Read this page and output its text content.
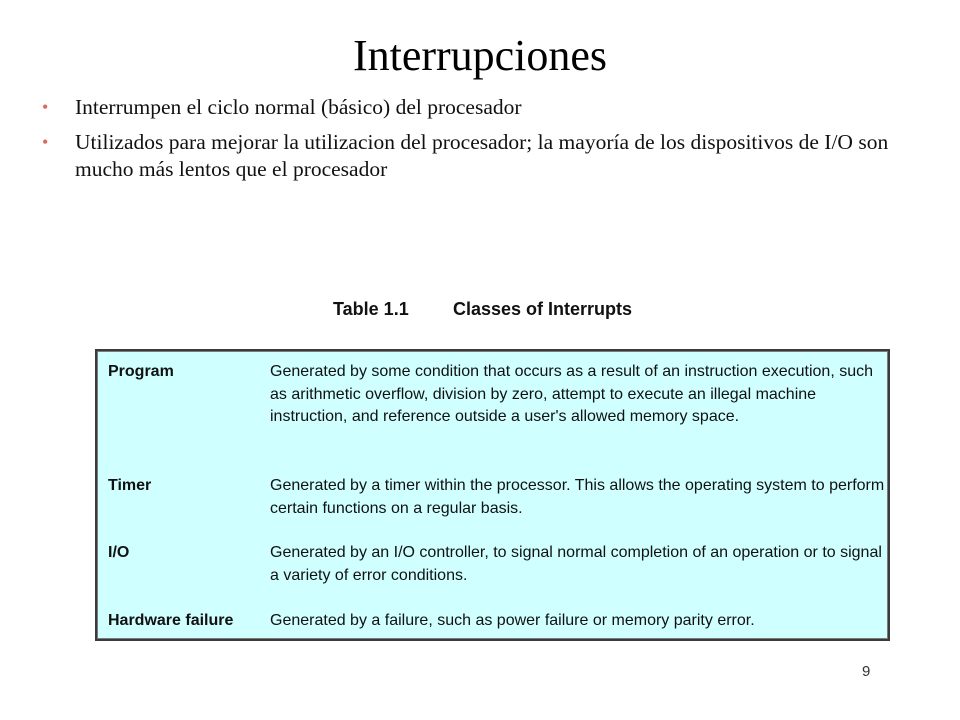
Interrupciones
• Interrumpen el ciclo normal (básico) del procesador
• Utilizados para mejorar la utilizacion del procesador; la mayoría de los dispositivos de I/O son mucho más lentos que el procesador
Table 1.1 Classes of Interrupts
Program	Generated by some condition that occurs as a result of an instruction execution, such as arithmetic overflow, division by zero, attempt to execute an illegal machine instruction, and reference outside a user's allowed memory space.
Timer	Generated by a timer within the processor. This allows the operating system to perform certain functions on a regular basis.
I/O	Generated by an I/O controller, to signal normal completion of an operation or to signal a variety of error conditions.
Hardware failure	Generated by a failure, such as power failure or memory parity error.
9
